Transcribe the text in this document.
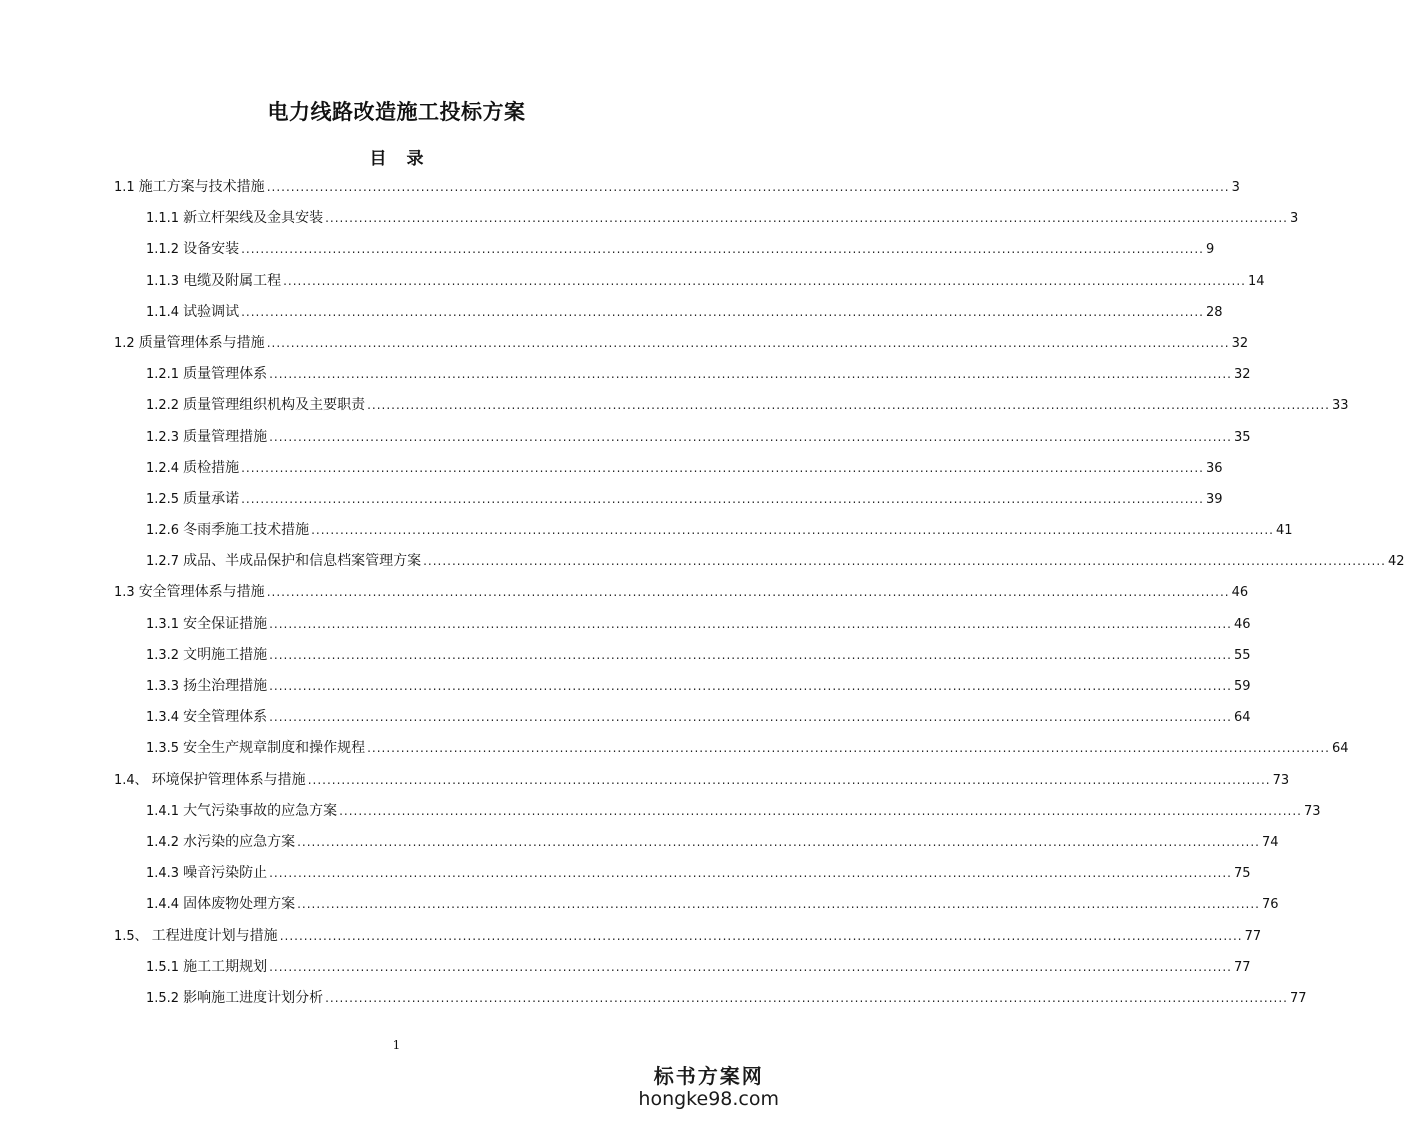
电力线路改造施工投标方案
目 录
1.1 施工方案与技术措施 ........................................................................................................................................................................................................ 3
1.1.1 新立杆架线及金具安装 ........................................................................................................................................................................................................ 3
1.1.2 设备安装 ........................................................................................................................................................................................................ 9
1.1.3 电缆及附属工程 ........................................................................................................................................................................................................ 14
1.1.4 试验调试 ........................................................................................................................................................................................................ 28
1.2 质量管理体系与措施 ........................................................................................................................................................................................................ 32
1.2.1 质量管理体系 ........................................................................................................................................................................................................ 32
1.2.2 质量管理组织机构及主要职责 ........................................................................................................................................................................................................ 33
1.2.3 质量管理措施 ........................................................................................................................................................................................................ 35
1.2.4 质检措施 ........................................................................................................................................................................................................ 36
1.2.5 质量承诺 ........................................................................................................................................................................................................ 39
1.2.6 冬雨季施工技术措施 ........................................................................................................................................................................................................ 41
1.2.7 成品、半成品保护和信息档案管理方案 ........................................................................................................................................................................................................ 42
1.3 安全管理体系与措施 ........................................................................................................................................................................................................ 46
1.3.1 安全保证措施 ........................................................................................................................................................................................................ 46
1.3.2 文明施工措施 ........................................................................................................................................................................................................ 55
1.3.3 扬尘治理措施 ........................................................................................................................................................................................................ 59
1.3.4 安全管理体系 ........................................................................................................................................................................................................ 64
1.3.5 安全生产规章制度和操作规程 ........................................................................................................................................................................................................ 64
1.4、 环境保护管理体系与措施 ........................................................................................................................................................................................................ 73
1.4.1 大气污染事故的应急方案 ........................................................................................................................................................................................................ 73
1.4.2 水污染的应急方案 ........................................................................................................................................................................................................ 74
1.4.3 噪音污染防止 ........................................................................................................................................................................................................ 75
1.4.4 固体废物处理方案 ........................................................................................................................................................................................................ 76
1.5、 工程进度计划与措施 ........................................................................................................................................................................................................ 77
1.5.1 施工工期规划 ........................................................................................................................................................................................................ 77
1.5.2 影响施工进度计划分析 ........................................................................................................................................................................................................ 77
1
标书方案网
hongke98.com
